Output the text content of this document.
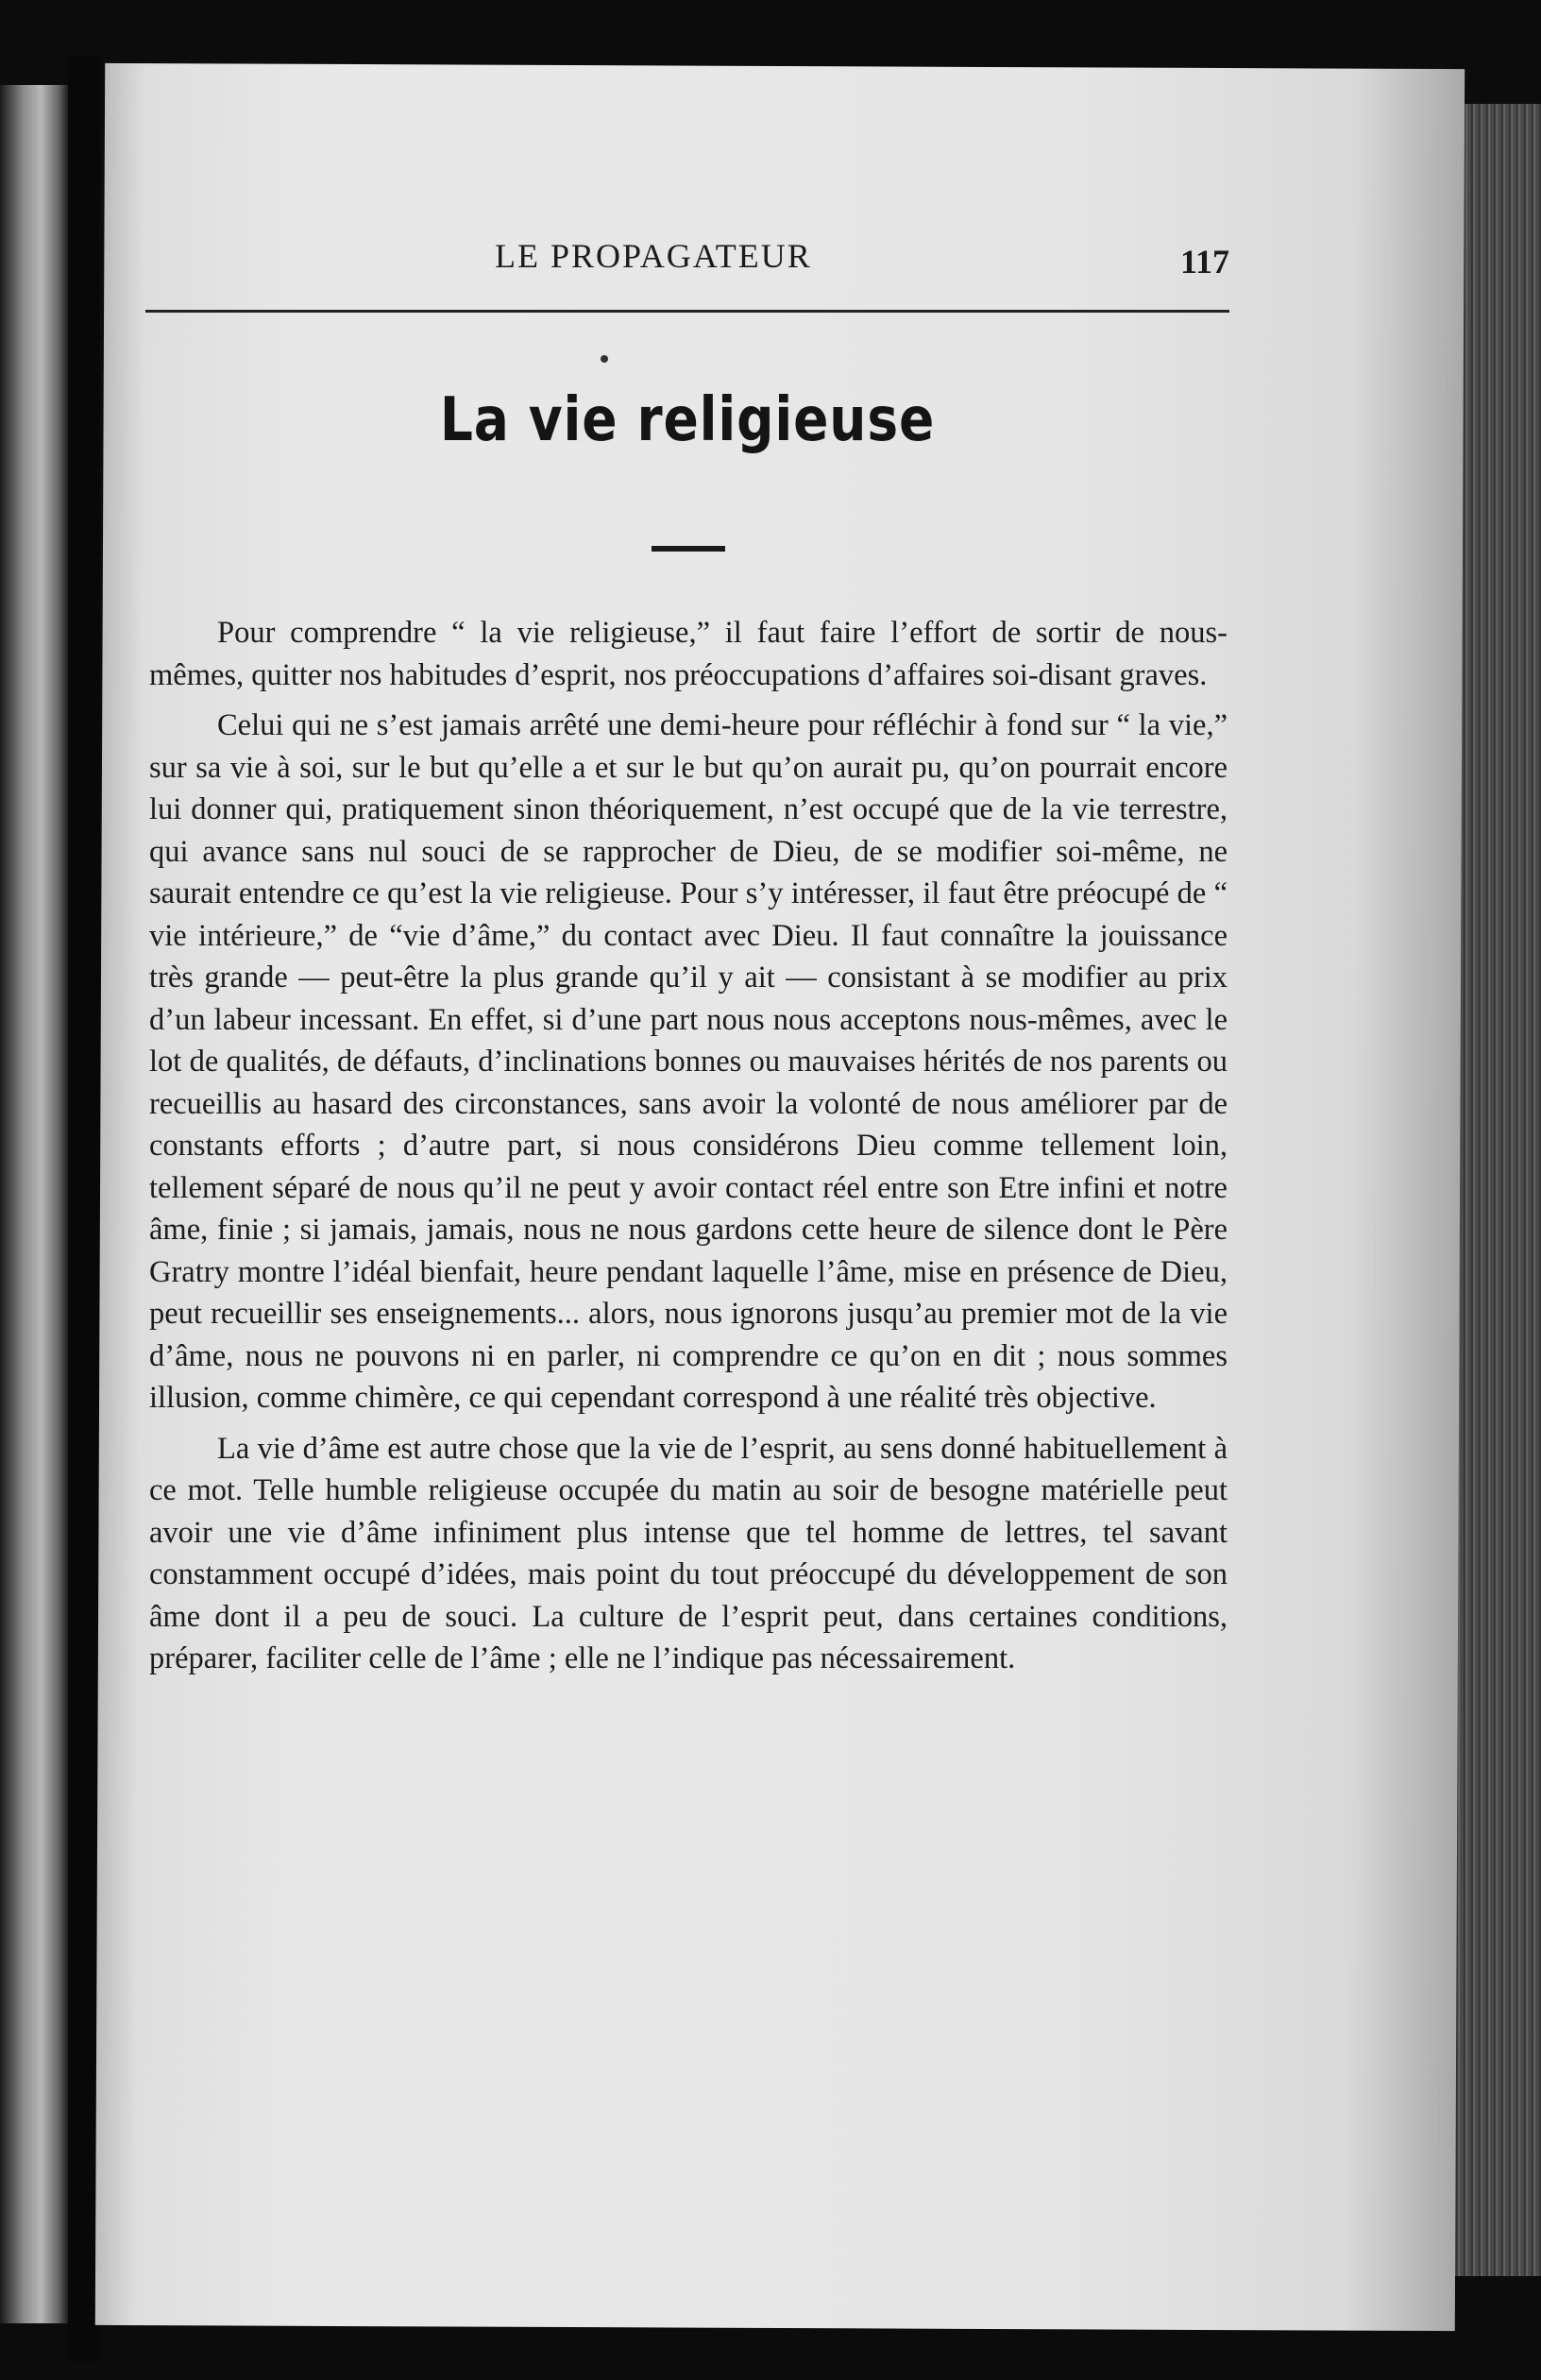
LE PROPAGATEUR	117
La vie religieuse

Pour comprendre “ la vie religieuse,” il faut faire l’effort de sortir de nous-mêmes, quitter nos habitudes d’esprit, nos préoccupations d’affaires soi-disant graves.

Celui qui ne s’est jamais arrêté une demi-heure pour réfléchir à fond sur “ la vie,” sur sa vie à soi, sur le but qu’elle a et sur le but qu’on aurait pu, qu’on pourrait encore lui donner qui, pratiquement sinon théoriquement, n’est occupé que de la vie terrestre, qui avance sans nul souci de se rapprocher de Dieu, de se modifier soi-même, ne saurait entendre ce qu’est la vie religieuse. Pour s’y intéresser, il faut être préocupé de “ vie intérieure,” de “vie d’âme,” du contact avec Dieu. Il faut connaître la jouissance très grande — peut-être la plus grande qu’il y ait — consistant à se modifier au prix d’un labeur incessant. En effet, si d’une part nous nous acceptons nous-mêmes, avec le lot de qualités, de défauts, d’inclinations bonnes ou mauvaises hérités de nos parents ou recueillis au hasard des circonstances, sans avoir la volonté de nous améliorer par de constants efforts ; d’autre part, si nous considérons Dieu comme tellement loin, tellement séparé de nous qu’il ne peut y avoir contact réel entre son Etre infini et notre âme, finie ; si jamais, jamais, nous ne nous gardons cette heure de silence dont le Père Gratry montre l’idéal bienfait, heure pendant laquelle l’âme, mise en présence de Dieu, peut recueillir ses enseignements... alors, nous ignorons jusqu’au premier mot de la vie d’âme, nous ne pouvons ni en parler, ni comprendre ce qu’on en dit ; nous sommes illusion, comme chimère, ce qui cependant correspond à une réalité très objective.

La vie d’âme est autre chose que la vie de l’esprit, au sens donné habituellement à ce mot. Telle humble religieuse occupée du matin au soir de besogne matérielle peut avoir une vie d’âme infiniment plus intense que tel homme de lettres, tel savant constamment occupé d’idées, mais point du tout préoccupé du développement de son âme dont il a peu de souci. La culture de l’esprit peut, dans certaines conditions, préparer, faciliter celle de l’âme ; elle ne l’indique pas nécessairement.
